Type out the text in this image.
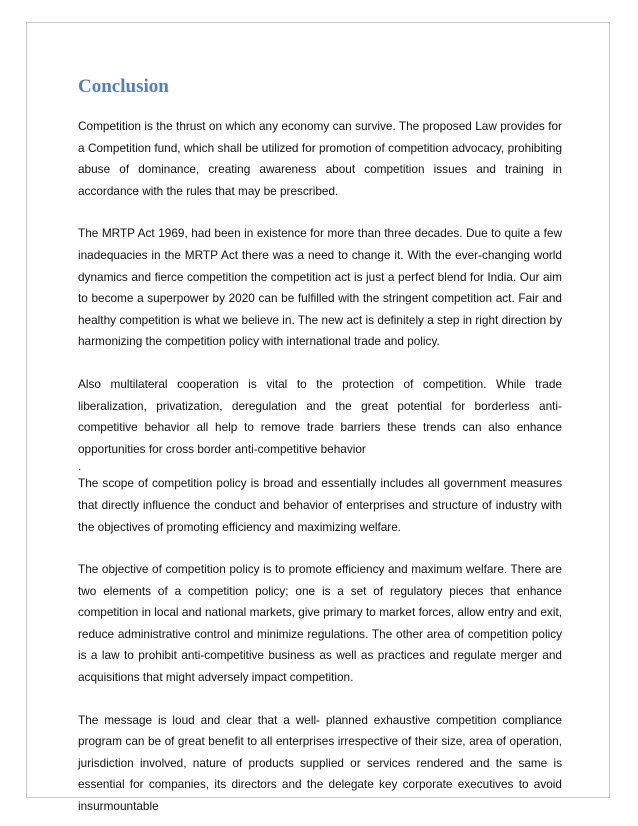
Conclusion

Competition is the thrust on which any economy can survive. The proposed Law provides for a Competition fund, which shall be utilized for promotion of competition advocacy, prohibiting abuse of dominance, creating awareness about competition issues and training in accordance with the rules that may be prescribed.

The MRTP Act 1969, had been in existence for more than three decades. Due to quite a few inadequacies in the MRTP Act there was a need to change it. With the ever-changing world dynamics and fierce competition the competition act is just a perfect blend for India. Our aim to become a superpower by 2020 can be fulfilled with the stringent competition act. Fair and healthy competition is what we believe in. The new act is definitely a step in right direction by harmonizing the competition policy with international trade and policy.

Also multilateral cooperation is vital to the protection of competition. While trade liberalization, privatization, deregulation and the great potential for borderless anti-competitive behavior all help to remove trade barriers these trends can also enhance opportunities for cross border anti-competitive behavior

.

The scope of competition policy is broad and essentially includes all government measures that directly influence the conduct and behavior of enterprises and structure of industry with the objectives of promoting efficiency and maximizing welfare.

The objective of competition policy is to promote efficiency and maximum welfare. There are two elements of a competition policy; one is a set of regulatory pieces that enhance competition in local and national markets, give primary to market forces, allow entry and exit, reduce administrative control and minimize regulations. The other area of competition policy is a law to prohibit anti-competitive business as well as practices and regulate merger and acquisitions that might adversely impact competition.

The message is loud and clear that a well- planned exhaustive competition compliance program can be of great benefit to all enterprises irrespective of their size, area of operation, jurisdiction involved, nature of products supplied or services rendered and the same is essential for companies, its directors and the delegate key corporate executives to avoid insurmountable
